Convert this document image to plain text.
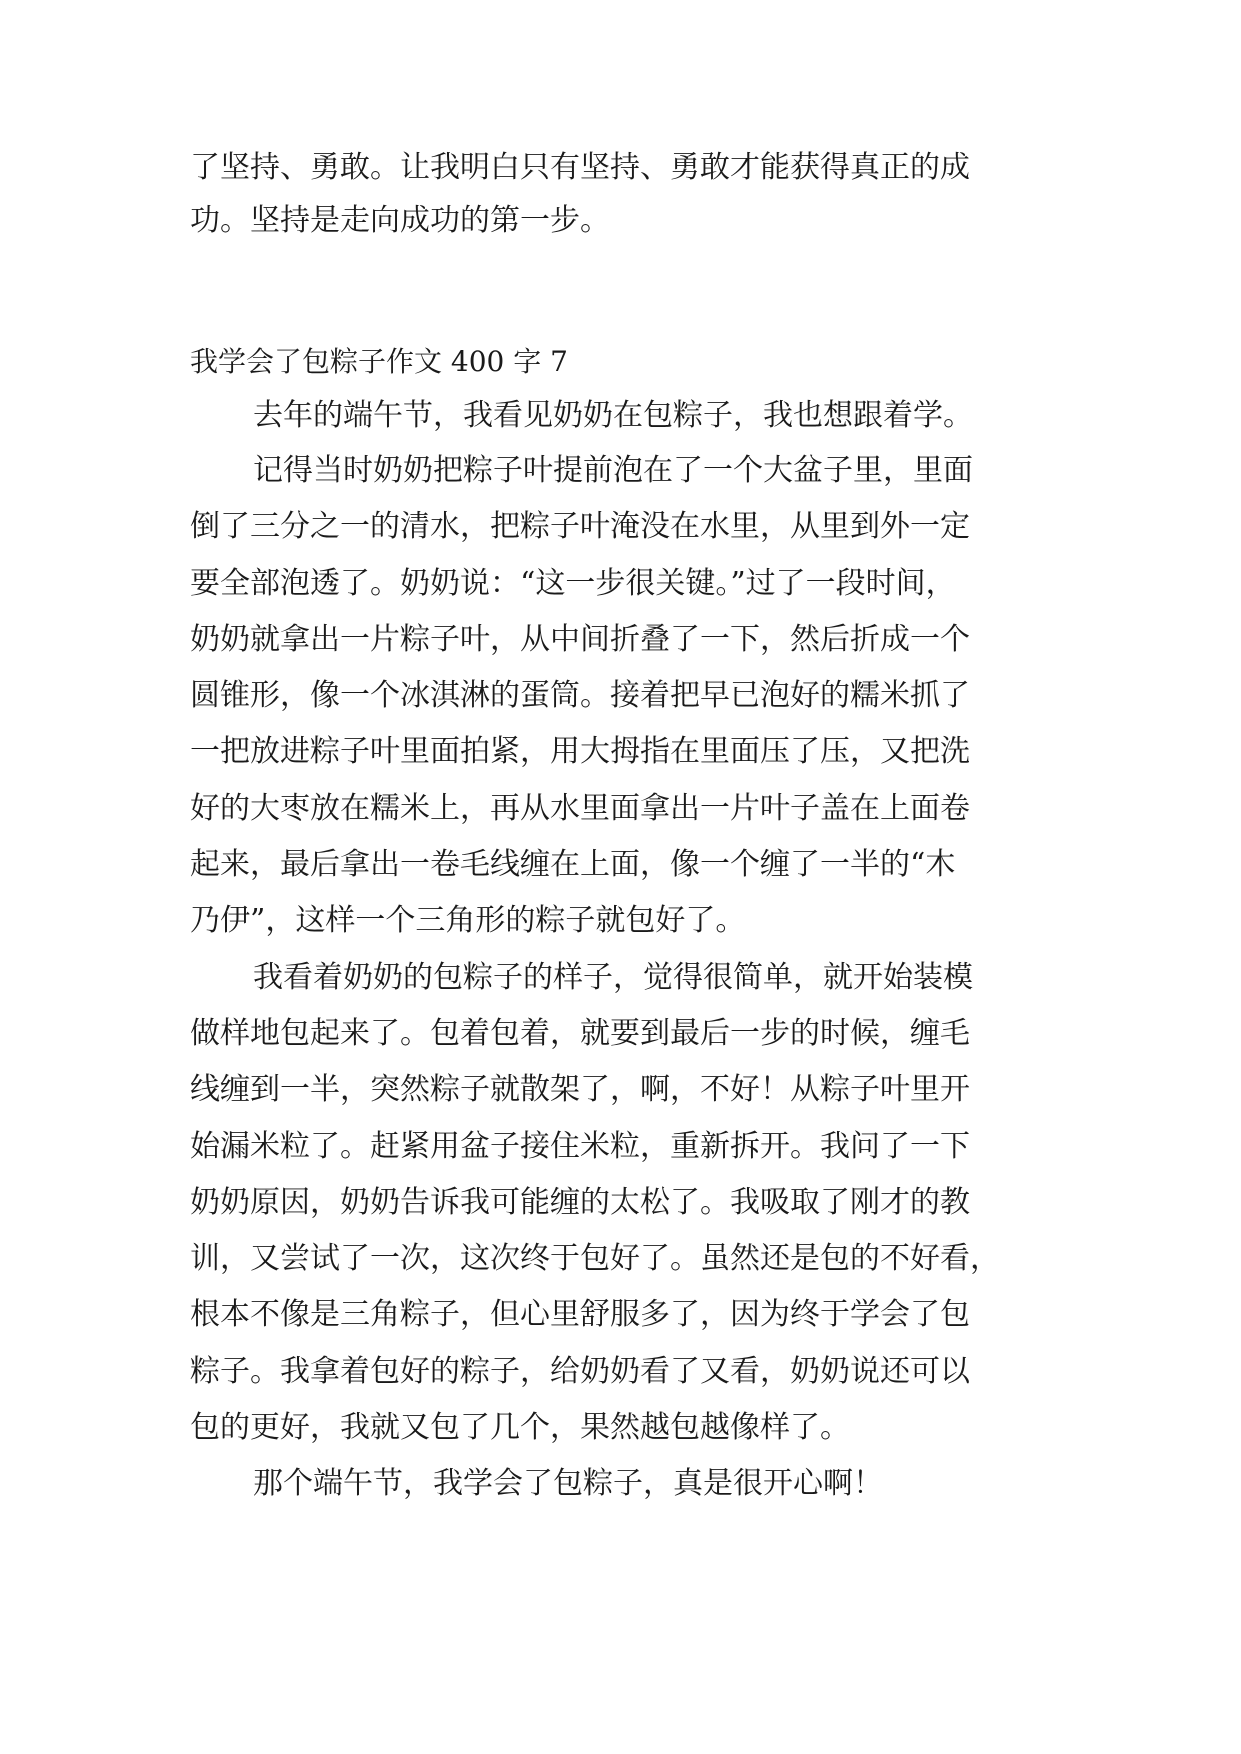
了坚持、勇敢。让我明白只有坚持、勇敢才能获得真正的成
功。坚持是走向成功的第一步。
我学会了包粽子作文 400 字 7
去年的端午节，我看见奶奶在包粽子，我也想跟着学。
记得当时奶奶把粽子叶提前泡在了一个大盆子里，里面
倒了三分之一的清水，把粽子叶淹没在水里，从里到外一定
要全部泡透了。奶奶说：“这一步很关键。”过了一段时间，
奶奶就拿出一片粽子叶，从中间折叠了一下，然后折成一个
圆锥形，像一个冰淇淋的蛋筒。接着把早已泡好的糯米抓了
一把放进粽子叶里面拍紧，用大拇指在里面压了压，又把洗
好的大枣放在糯米上，再从水里面拿出一片叶子盖在上面卷
起来，最后拿出一卷毛线缠在上面，像一个缠了一半的“木
乃伊”，这样一个三角形的粽子就包好了。
我看着奶奶的包粽子的样子，觉得很简单，就开始装模
做样地包起来了。包着包着，就要到最后一步的时候，缠毛
线缠到一半，突然粽子就散架了，啊，不好！从粽子叶里开
始漏米粒了。赶紧用盆子接住米粒，重新拆开。我问了一下
奶奶原因，奶奶告诉我可能缠的太松了。我吸取了刚才的教
训，又尝试了一次，这次终于包好了。虽然还是包的不好看，
根本不像是三角粽子，但心里舒服多了，因为终于学会了包
粽子。我拿着包好的粽子，给奶奶看了又看，奶奶说还可以
包的更好，我就又包了几个，果然越包越像样了。
那个端午节，我学会了包粽子，真是很开心啊！
